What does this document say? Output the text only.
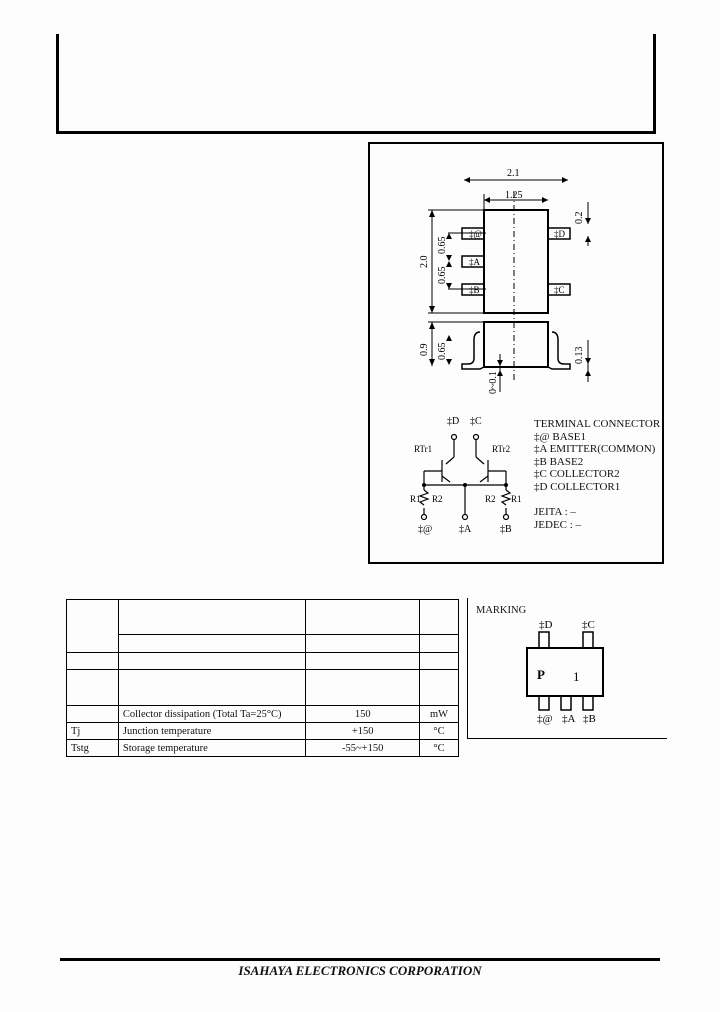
2.1
1.25
2.0
0.65
0.65
0.2
0.9 0.65	0.13
0~0.1
‡@
‡A
‡B
‡D
‡C
‡D ‡C
RTr1	RTr2
R1 R2	R2 R1
‡@	‡A	‡B
TERMINAL CONNECTOR
‡@ BASE1
‡A EMITTER(COMMON)
‡B BASE2
‡C COLLECTOR2
‡D COLLECTOR1
JEITA : ‒
JEDEC : ‒

	Collector dissipation (Total Ta=25°C)	150	mW
Tj	Junction temperature	+150	°C
Tstg	Storage temperature	-55~+150	°C
MARKING
‡D	‡C
P 1
‡@ ‡A ‡B
ISAHAYA ELECTRONICS CORPORATION
